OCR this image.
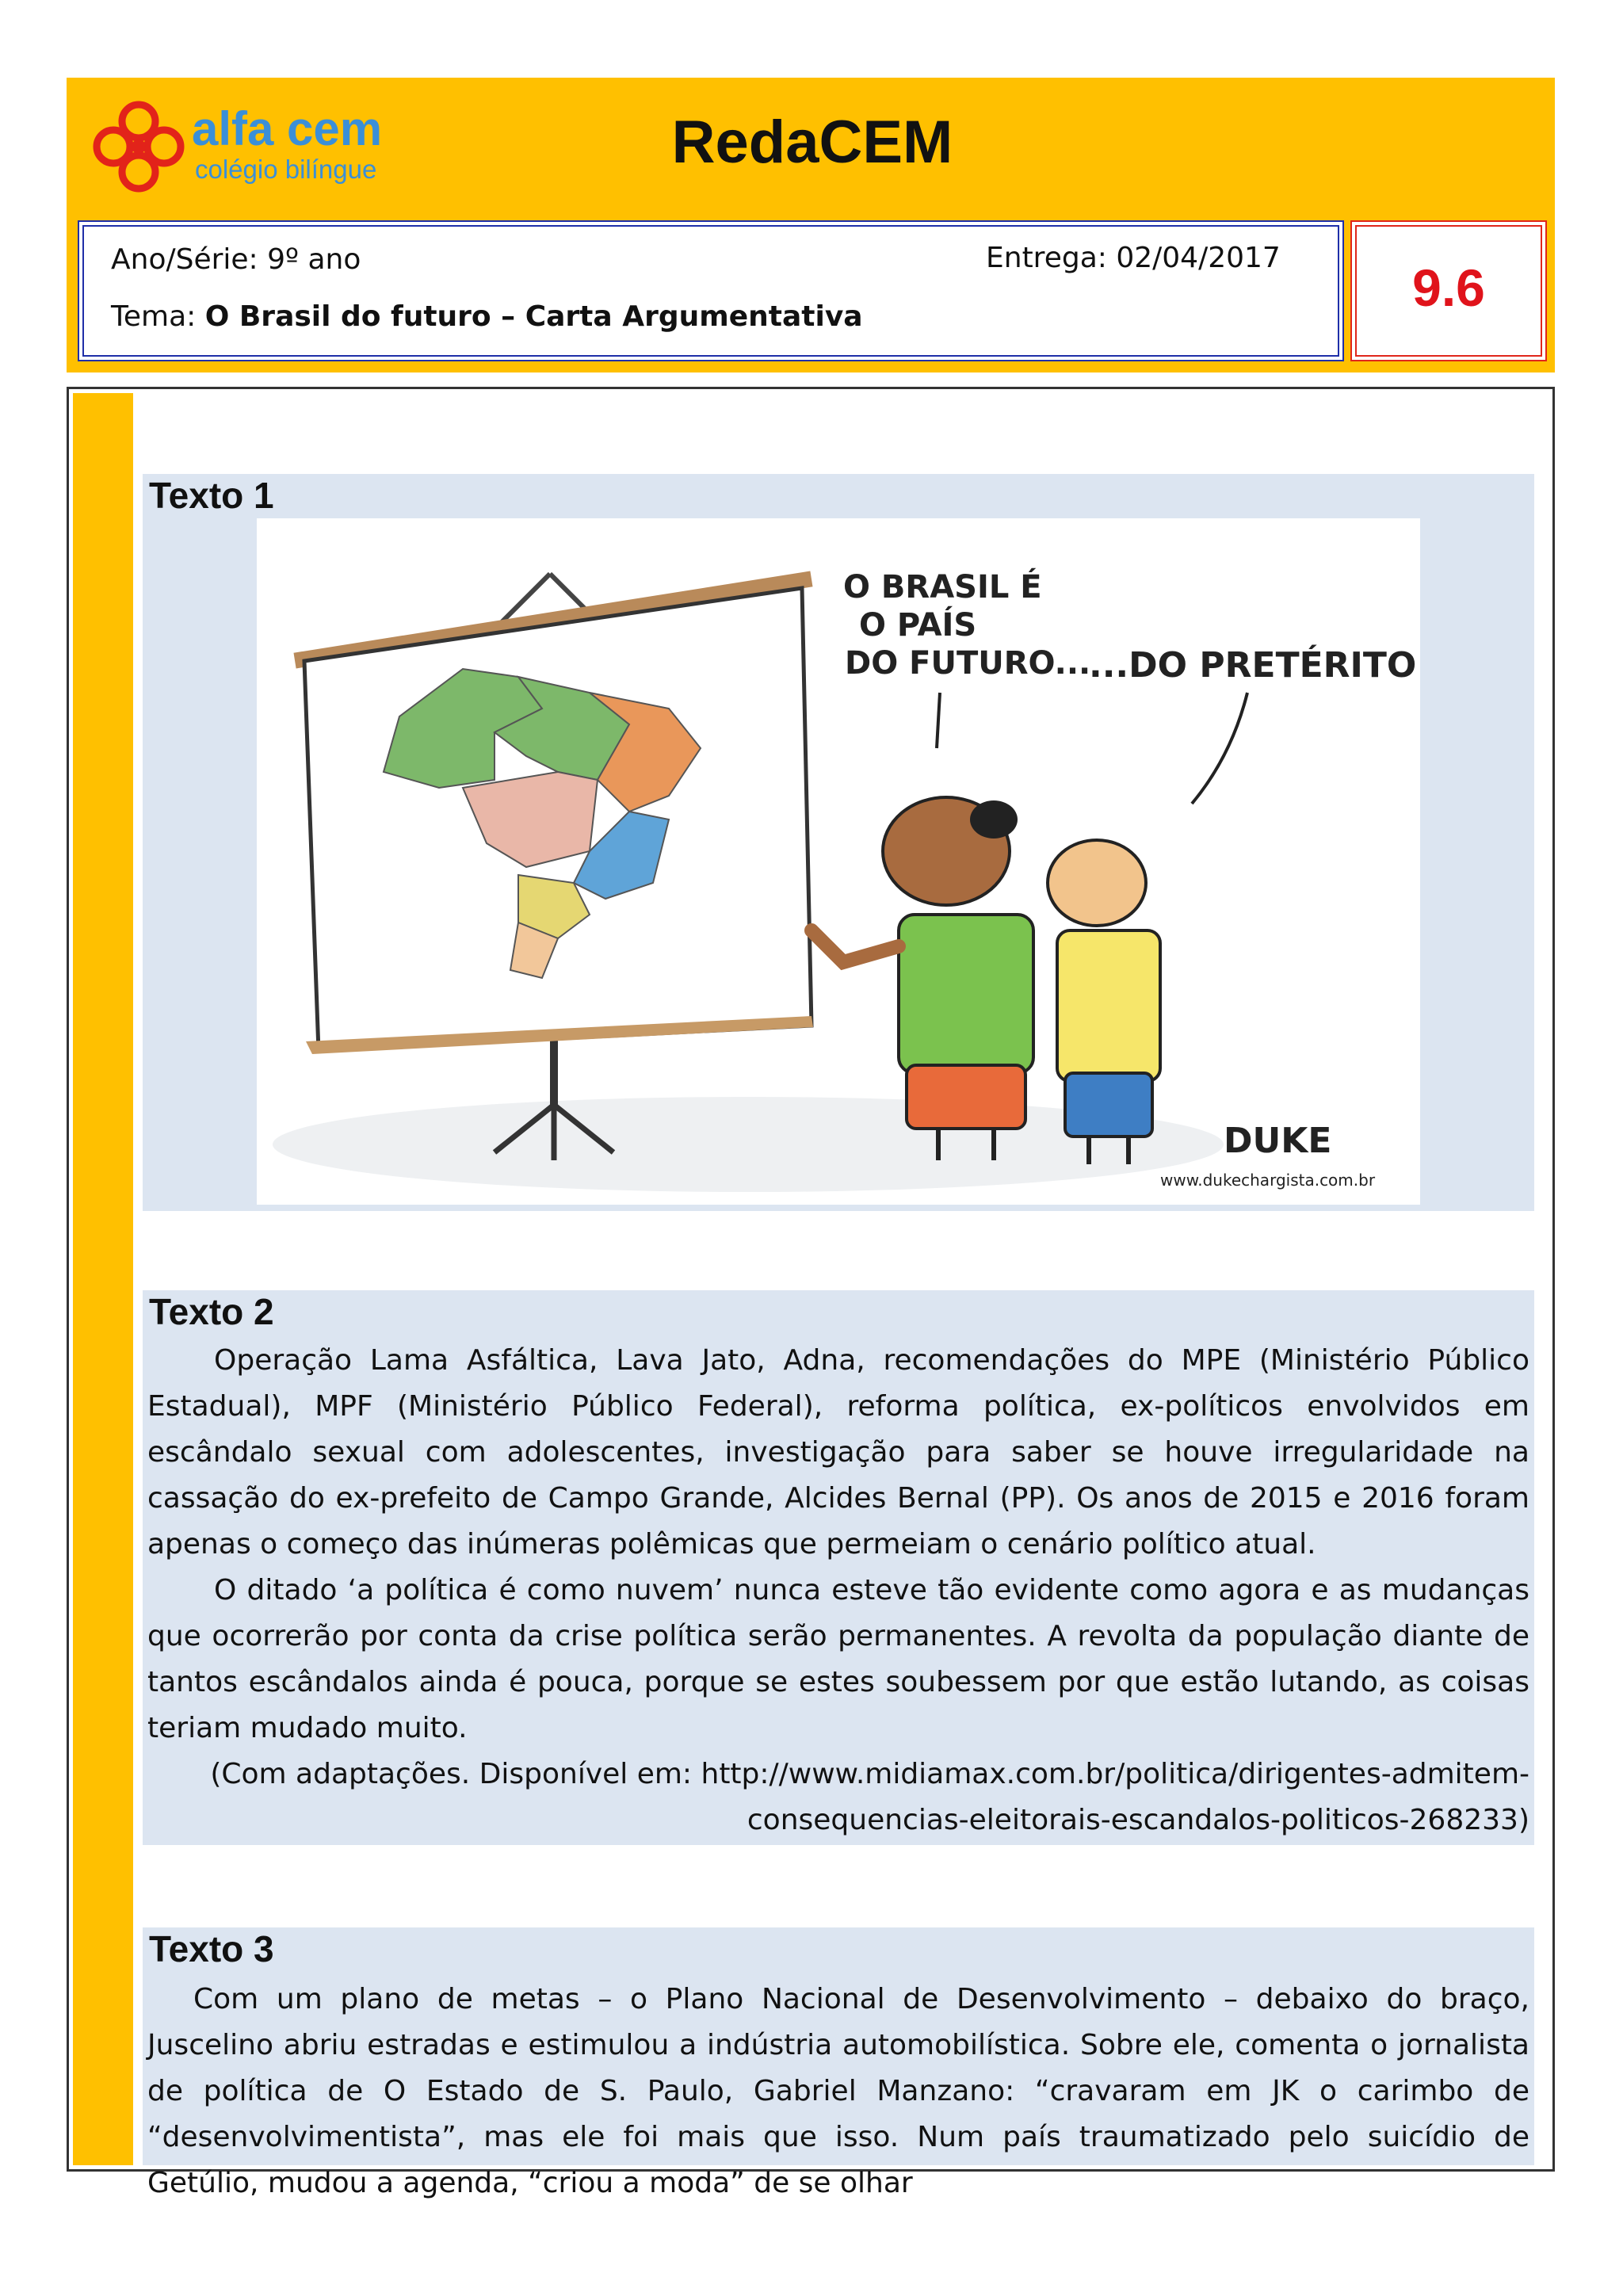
alfa cem
colégio bilíngue	RedaCEM
Ano/Série: 9º ano	Entrega: 02/04/2017
Tema: O Brasil do futuro – Carta Argumentativa	9.6
Texto 1
O BRASIL É
O PAÍS
DO FUTURO...
...DO PRETÉRITO!
DUKE
www.dukechargista.com.br
Texto 2

Operação Lama Asfáltica, Lava Jato, Adna, recomendações do MPE (Ministério Público Estadual), MPF (Ministério Público Federal), reforma política, ex-políticos envolvidos em escândalo sexual com adolescentes, investigação para saber se houve irregularidade na cassação do ex-prefeito de Campo Grande, Alcides Bernal (PP). Os anos de 2015 e 2016 foram apenas o começo das inúmeras polêmicas que permeiam o cenário político atual.

O ditado ‘a política é como nuvem’ nunca esteve tão evidente como agora e as mudanças que ocorrerão por conta da crise política serão permanentes. A revolta da população diante de tantos escândalos ainda é pouca, porque se estes soubessem por que estão lutando, as coisas teriam mudado muito.

(Com adaptações. Disponível em: http://www.midiamax.com.br/politica/dirigentes-admitem-
consequencias-eleitorais-escandalos-politicos-268233)
Texto 3

Com um plano de metas – o Plano Nacional de Desenvolvimento – debaixo do braço, Juscelino abriu estradas e estimulou a indústria automobilística. Sobre ele, comenta o jornalista de política de O Estado de S. Paulo, Gabriel Manzano: “cravaram em JK o carimbo de “desenvolvimentista”, mas ele foi mais que isso. Num país traumatizado pelo suicídio de Getúlio, mudou a agenda, “criou a moda” de se olhar
